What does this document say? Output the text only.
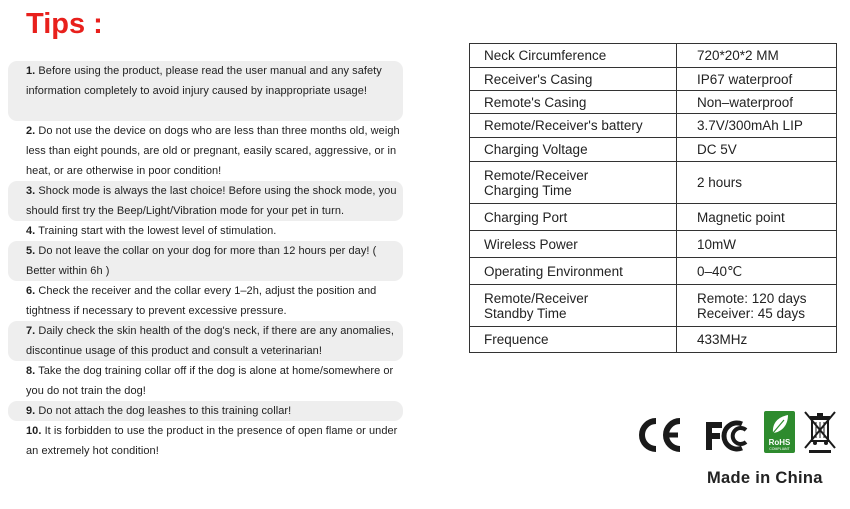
Tips :

1. Before using the product, please read the user manual and any safety information completely to avoid injury caused by inappropriate usage!

2. Do not use the device on dogs who are less than three months old, weigh less than eight pounds, are old or pregnant, easily scared, aggressive, or in heat, or are otherwise in poor condition!

3. Shock mode is always the last choice! Before using the shock mode, you should first try the Beep/Light/Vibration mode for your pet in turn.

4. Training start with the lowest level of stimulation.

5. Do not leave the collar on your dog for more than 12 hours per day! ( Better within 6h )

6. Check the receiver and the collar every 1–2h, adjust the position and tightness if necessary to prevent excessive pressure.

7. Daily check the skin health of the dog's neck, if there are any anomalies, discontinue usage of this product and consult a veterinarian!

8. Take the dog training collar off if the dog is alone at home/somewhere or you do not train the dog!

9. Do not attach the dog leashes to this training collar!

10. It is forbidden to use the product in the presence of open flame or under an extremely hot condition!

Neck Circumference	720*20*2 MM
Receiver's Casing	IP67 waterproof
Remote's Casing	Non–waterproof
Remote/Receiver's battery	3.7V/300mAh LIP
Charging Voltage	DC 5V
Remote/Receiver
Charging Time	2 hours
Charging Port	Magnetic point
Wireless Power	10mW
Operating Environment	0–40℃
Remote/Receiver
Standby Time	Remote: 120 days
Receiver: 45 days
Frequence	433MHz
RoHS
COMPLIANT
Made in China
